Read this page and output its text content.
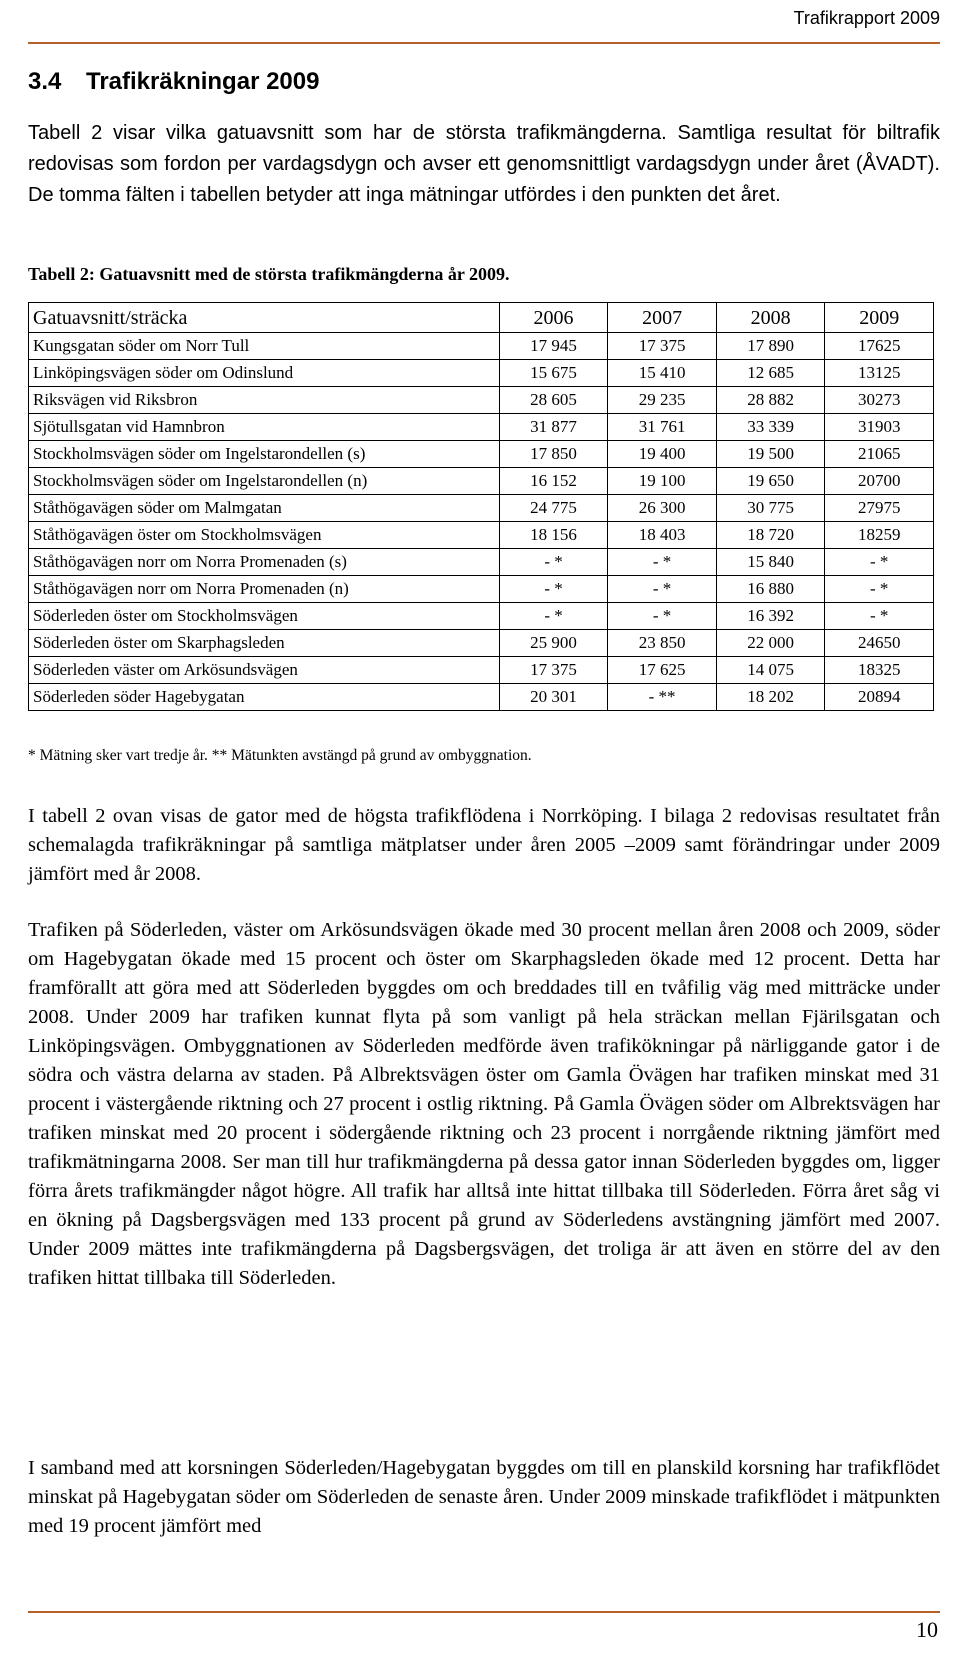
Trafikrapport 2009
3.4 Trafikräkningar 2009

Tabell 2 visar vilka gatuavsnitt som har de största trafikmängderna. Samtliga resultat för biltrafik redovisas som fordon per vardagsdygn och avser ett genomsnittligt vardagsdygn under året (ÅVADT). De tomma fälten i tabellen betyder att inga mätningar utfördes i den punkten det året.

Tabell 2: Gatuavsnitt med de största trafikmängderna år 2009.

Gatuavsnitt/sträcka	2006	2007	2008	2009
Kungsgatan söder om Norr Tull	17 945	17 375	17 890	17625
Linköpingsvägen söder om Odinslund	15 675	15 410	12 685	13125
Riksvägen vid Riksbron	28 605	29 235	28 882	30273
Sjötullsgatan vid Hamnbron	31 877	31 761	33 339	31903
Stockholmsvägen söder om Ingelstarondellen (s)	17 850	19 400	19 500	21065
Stockholmsvägen söder om Ingelstarondellen (n)	16 152	19 100	19 650	20700
Ståthögavägen söder om Malmgatan	24 775	26 300	30 775	27975
Ståthögavägen öster om Stockholmsvägen	18 156	18 403	18 720	18259
Ståthögavägen norr om Norra Promenaden (s)	- *	- *	15 840	- *
Ståthögavägen norr om Norra Promenaden (n)	- *	- *	16 880	- *
Söderleden öster om Stockholmsvägen	- *	- *	16 392	- *
Söderleden öster om Skarphagsleden	25 900	23 850	22 000	24650
Söderleden väster om Arkösundsvägen	17 375	17 625	14 075	18325
Söderleden söder Hagebygatan	20 301	- **	18 202	20894

* Mätning sker vart tredje år. ** Mätunkten avstängd på grund av ombyggnation.

I tabell 2 ovan visas de gator med de högsta trafikflödena i Norrköping. I bilaga 2 redovisas resultatet från schemalagda trafikräkningar på samtliga mätplatser under åren 2005 –2009 samt förändringar under 2009 jämfört med år 2008.

Trafiken på Söderleden, väster om Arkösundsvägen ökade med 30 procent mellan åren 2008 och 2009, söder om Hagebygatan ökade med 15 procent och öster om Skarphagsleden ökade med 12 procent. Detta har framförallt att göra med att Söderleden byggdes om och breddades till en tvåfilig väg med mitträcke under 2008. Under 2009 har trafiken kunnat flyta på som vanligt på hela sträckan mellan Fjärilsgatan och Linköpingsvägen. Ombyggnationen av Söderleden medförde även trafikökningar på närliggande gator i de södra och västra delarna av staden. På Albrektsvägen öster om Gamla Övägen har trafiken minskat med 31 procent i västergående riktning och 27 procent i ostlig riktning. På Gamla Övägen söder om Albrektsvägen har trafiken minskat med 20 procent i södergående riktning och 23 procent i norrgående riktning jämfört med trafikmätningarna 2008. Ser man till hur trafikmängderna på dessa gator innan Söderleden byggdes om, ligger förra årets trafikmängder något högre. All trafik har alltså inte hittat tillbaka till Söderleden. Förra året såg vi en ökning på Dagsbergsvägen med 133 procent på grund av Söderledens avstängning jämfört med 2007. Under 2009 mättes inte trafikmängderna på Dagsbergsvägen, det troliga är att även en större del av den trafiken hittat tillbaka till Söderleden.

I samband med att korsningen Söderleden/Hagebygatan byggdes om till en planskild korsning har trafikflödet minskat på Hagebygatan söder om Söderleden de senaste åren. Under 2009 minskade trafikflödet i mätpunkten med 19 procent jämfört med

10
